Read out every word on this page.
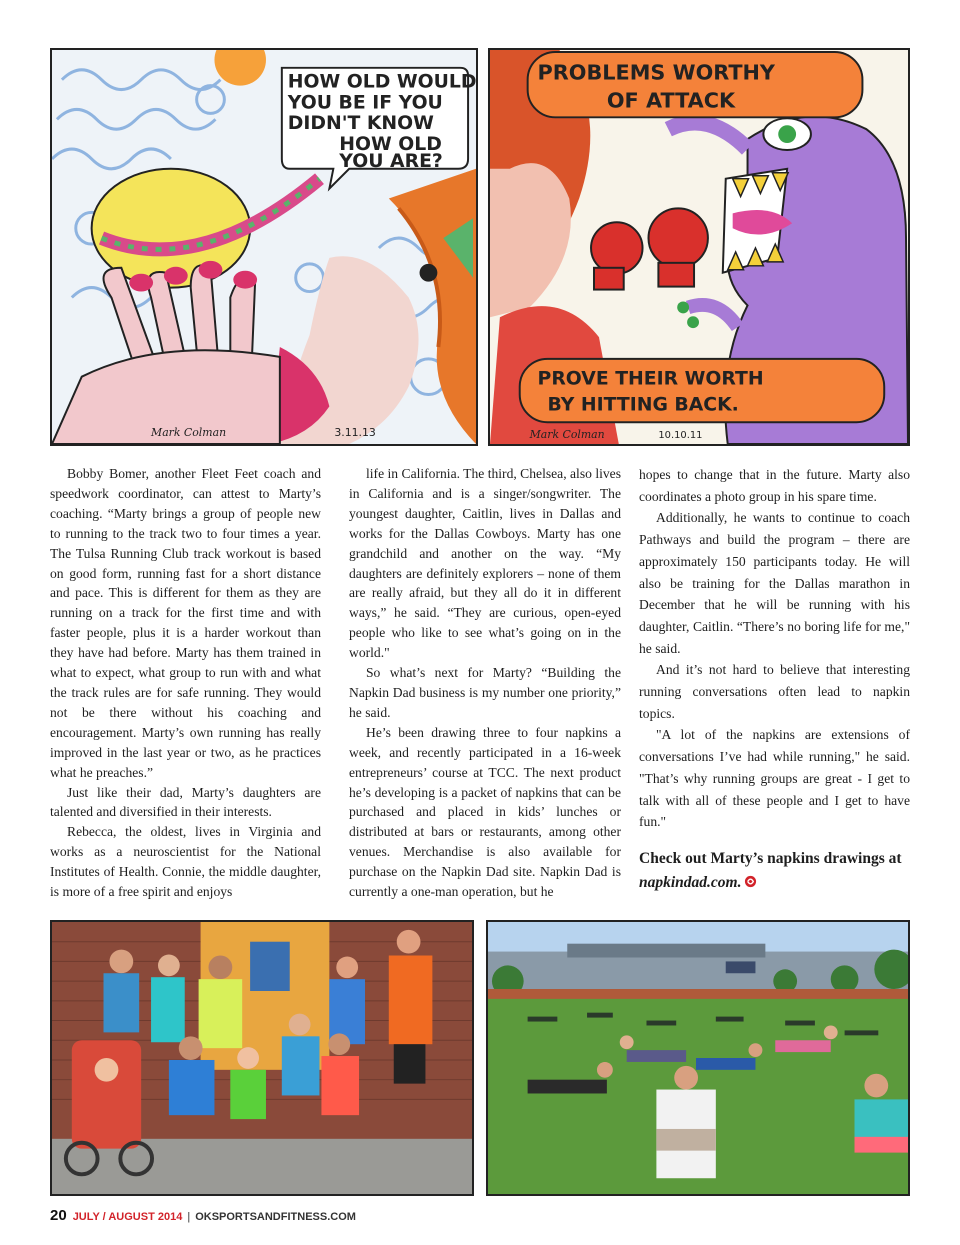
HOW OLD WOULD
YOU BE IF YOU
DIDN'T KNOW
HOW OLD
YOU ARE?
Mark Colman	3.11.13
PROBLEMS WORTHY
OF ATTACK
PROVE THEIR WORTH
BY HITTING BACK.
Mark Colman	10.10.11

Bobby Bomer, another Fleet Feet coach and speedwork coordinator, can attest to Marty’s coaching. “Marty brings a group of people new to running to the track two to four times a year. The Tulsa Running Club track workout is based on good form, running fast for a short distance and pace. This is different for them as they are running on a track for the first time and with faster people, plus it is a harder workout than they have had before. Marty has them trained in what to expect, what group to run with and what the track rules are for safe running. They would not be there without his coaching and encouragement. Marty’s own running has really improved in the last year or two, as he practices what he preaches.”

Just like their dad, Marty’s daughters are talented and diversified in their interests.

Rebecca, the oldest, lives in Virginia and works as a neuroscientist for the National Institutes of Health. Connie, the middle daughter, is more of a free spirit and enjoys

life in California. The third, Chelsea, also lives in California and is a singer/songwriter. The youngest daughter, Caitlin, lives in Dallas and works for the Dallas Cowboys. Marty has one grandchild and another on the way. “My daughters are definitely explorers – none of them are really afraid, but they all do it in different ways,” he said. “They are curious, open-eyed people who like to see what’s going on in the world."

So what’s next for Marty? “Building the Napkin Dad business is my number one priority,” he said.

He’s been drawing three to four napkins a week, and recently participated in a 16-week entrepreneurs’ course at TCC. The next product he’s developing is a packet of napkins that can be purchased and placed in kids’ lunches or distributed at bars or restaurants, among other venues. Merchandise is also available for purchase on the Napkin Dad site. Napkin Dad is currently a one-man operation, but he

hopes to change that in the future. Marty also coordinates a photo group in his spare time.

Additionally, he wants to continue to coach Pathways and build the program – there are approximately 150 participants today. He will also be training for the Dallas marathon in December that he will be running with his daughter, Caitlin. “There’s no boring life for me," he said.

And it’s not hard to believe that interesting running conversations often lead to napkin topics.

"A lot of the napkins are extensions of conversations I’ve had while running," he said. "That’s why running groups are great - I get to talk with all of these people and I get to have fun."

Check out Marty’s napkins drawings at
napkindad.com.

20 JULY / AUGUST 2014 | OKSPORTSANDFITNESS.COM
